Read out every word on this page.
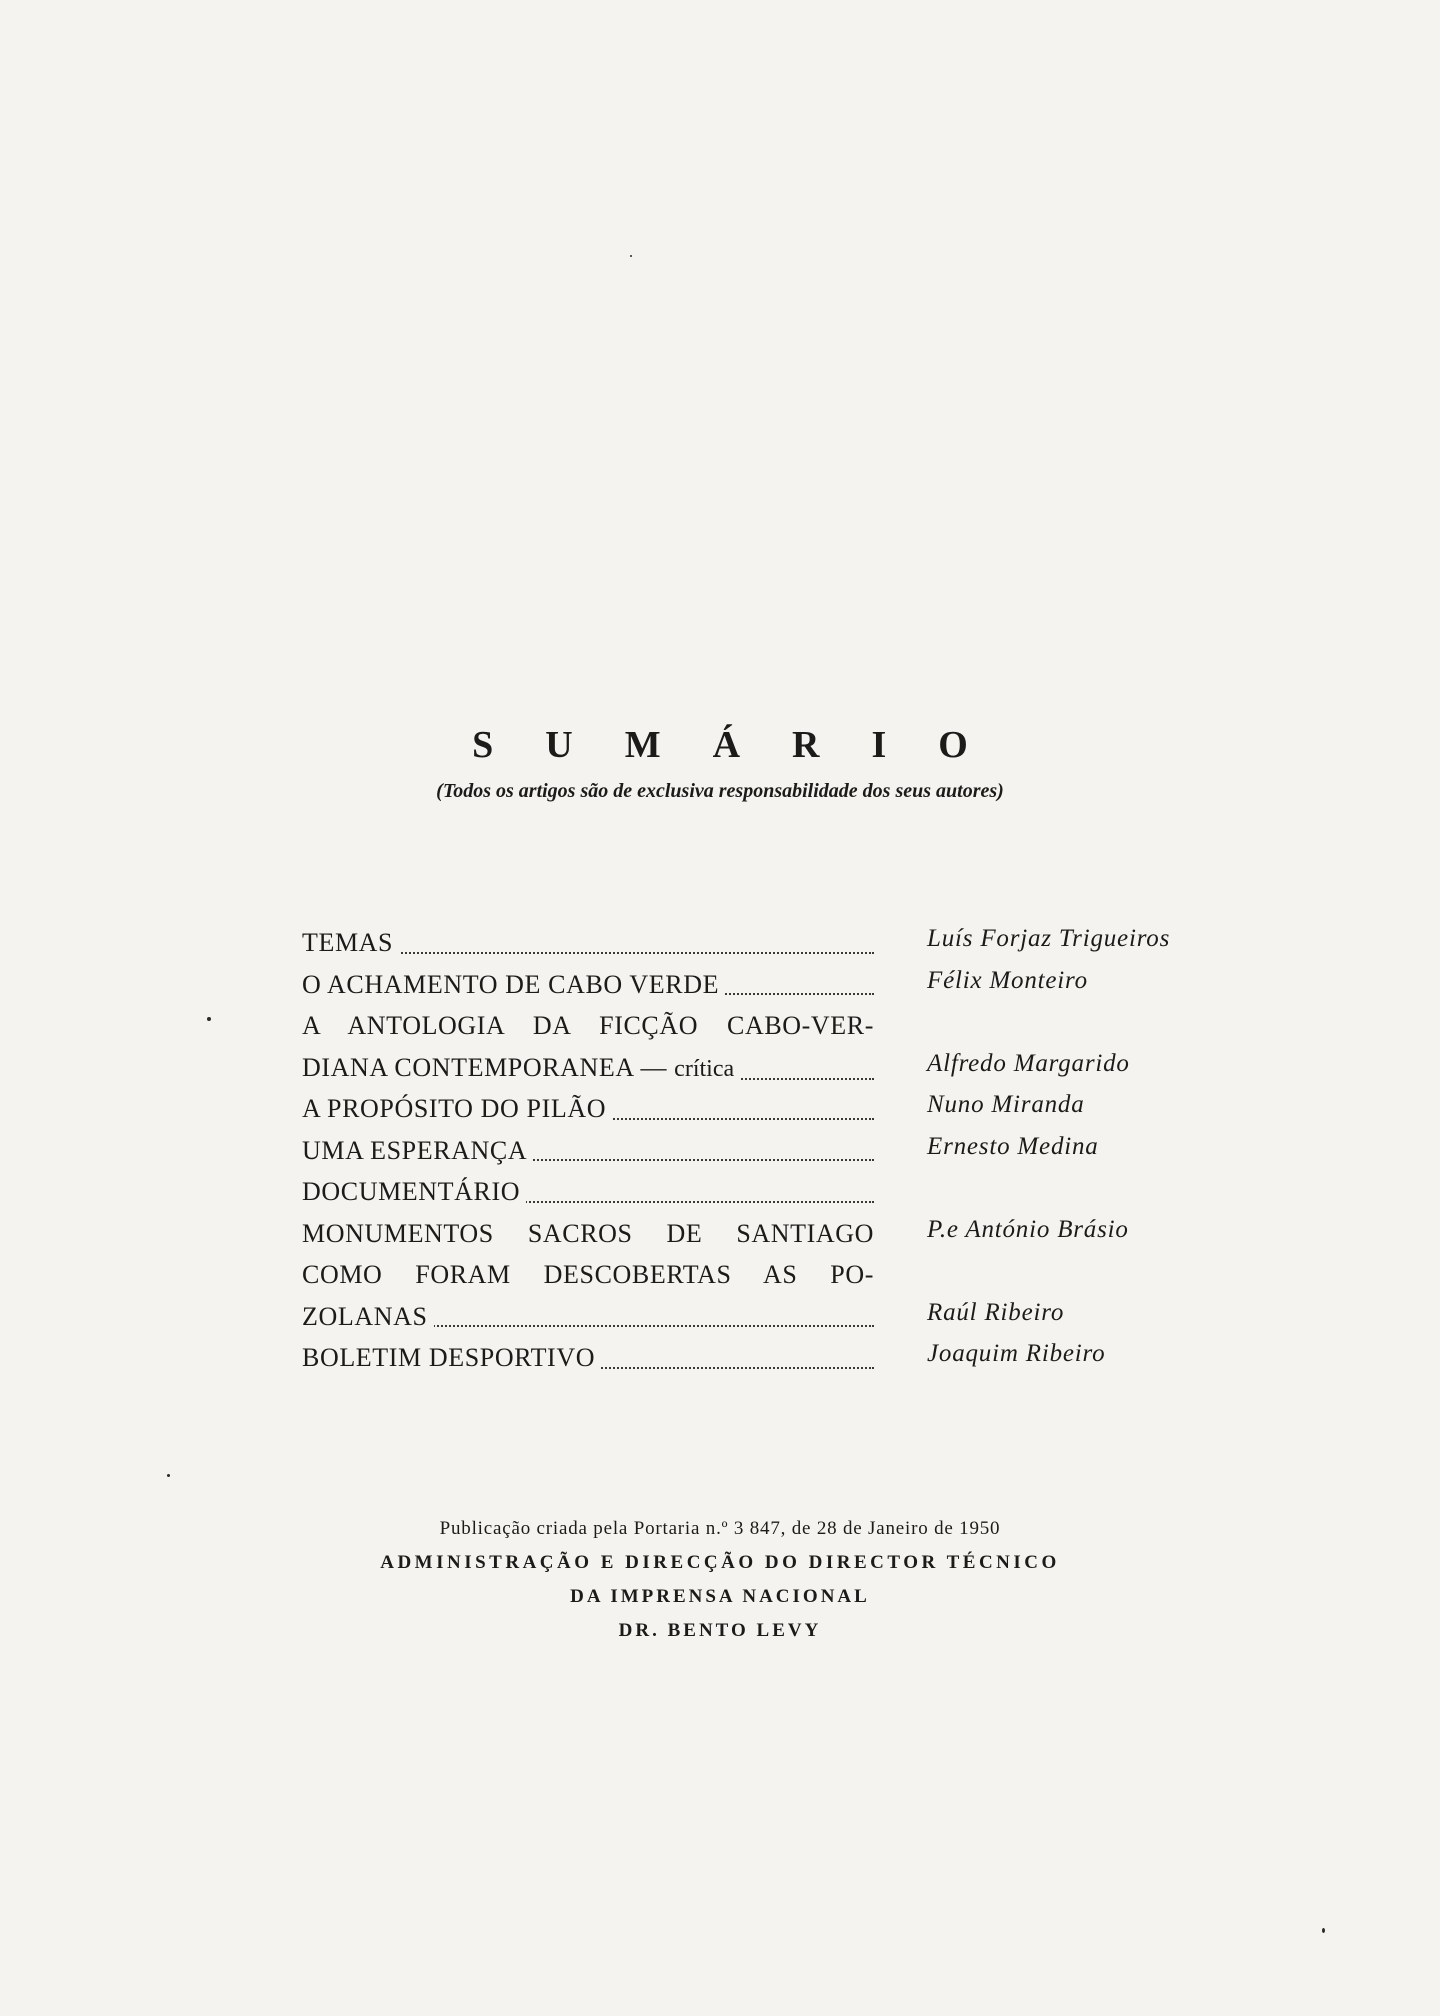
SUMÁRIO
(Todos os artigos são de exclusiva responsabilidade dos seus autores)
TEMAS	Luís Forjaz Trigueiros
O ACHAMENTO DE CABO VERDE	Félix Monteiro
A ANTOLOGIA DA FICÇÃO CABO-VER-
DIANA CONTEMPORANEA — crítica	Alfredo Margarido
A PROPÓSITO DO PILÃO	Nuno Miranda
UMA ESPERANÇA	Ernesto Medina
DOCUMENTÁRIO
MONUMENTOS SACROS DE SANTIAGO P.e António Brásio
COMO FORAM DESCOBERTAS AS PO-
ZOLANAS	Raúl Ribeiro
BOLETIM DESPORTIVO	Joaquim Ribeiro
Publicação criada pela Portaria n.º 3 847, de 28 de Janeiro de 1950
ADMINISTRAÇÃO E DIRECÇÃO DO DIRECTOR TÉCNICO
DA IMPRENSA NACIONAL
DR. BENTO LEVY
